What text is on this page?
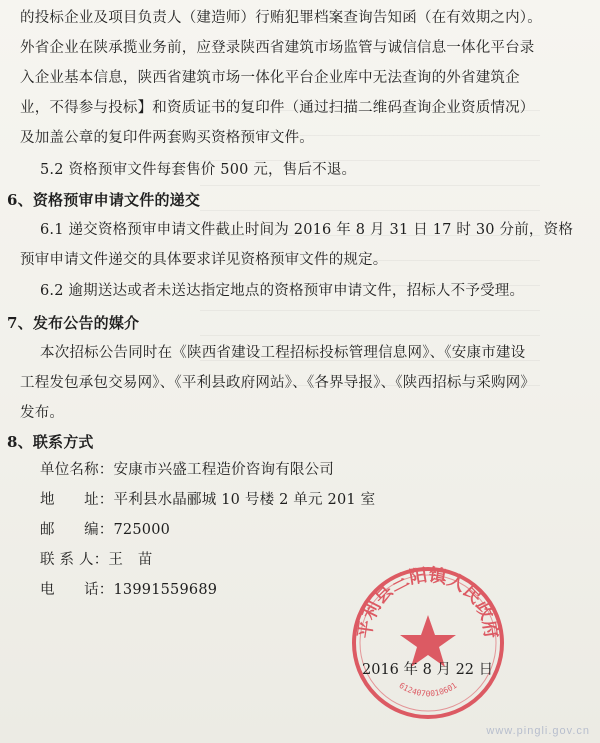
的投标企业及项目负责人（建造师）行贿犯罪档案查询告知函（在有效期之内）。
外省企业在陕承揽业务前，应登录陕西省建筑市场监管与诚信信息一体化平台录
入企业基本信息，陕西省建筑市场一体化平台企业库中无法查询的外省建筑企
业，不得参与投标】和资质证书的复印件（通过扫描二维码查询企业资质情况）
及加盖公章的复印件两套购买资格预审文件。
5.2 资格预审文件每套售价 500 元，售后不退。
6、资格预审申请文件的递交
6.1 递交资格预审申请文件截止时间为 2016 年 8 月 31 日 17 时 30 分前，资格
预审申请文件递交的具体要求详见资格预审文件的规定。
6.2 逾期送达或者未送达指定地点的资格预审申请文件，招标人不予受理。
7、发布公告的媒介
本次招标公告同时在《陕西省建设工程招标投标管理信息网》、《安康市建设
工程发包承包交易网》、《平利县政府网站》、《各界导报》、《陕西招标与采购网》
发布。
8、联系方式
单位名称：安康市兴盛工程造价咨询有限公司
地　　址：平利县水晶郦城 10 号楼 2 单元 201 室
邮　　编：725000
联 系 人：王　苗
电　　话：13991559689
平利县三阳镇人民政府
6124070010601
2016 年 8 月 22 日
www.pingli.gov.cn
